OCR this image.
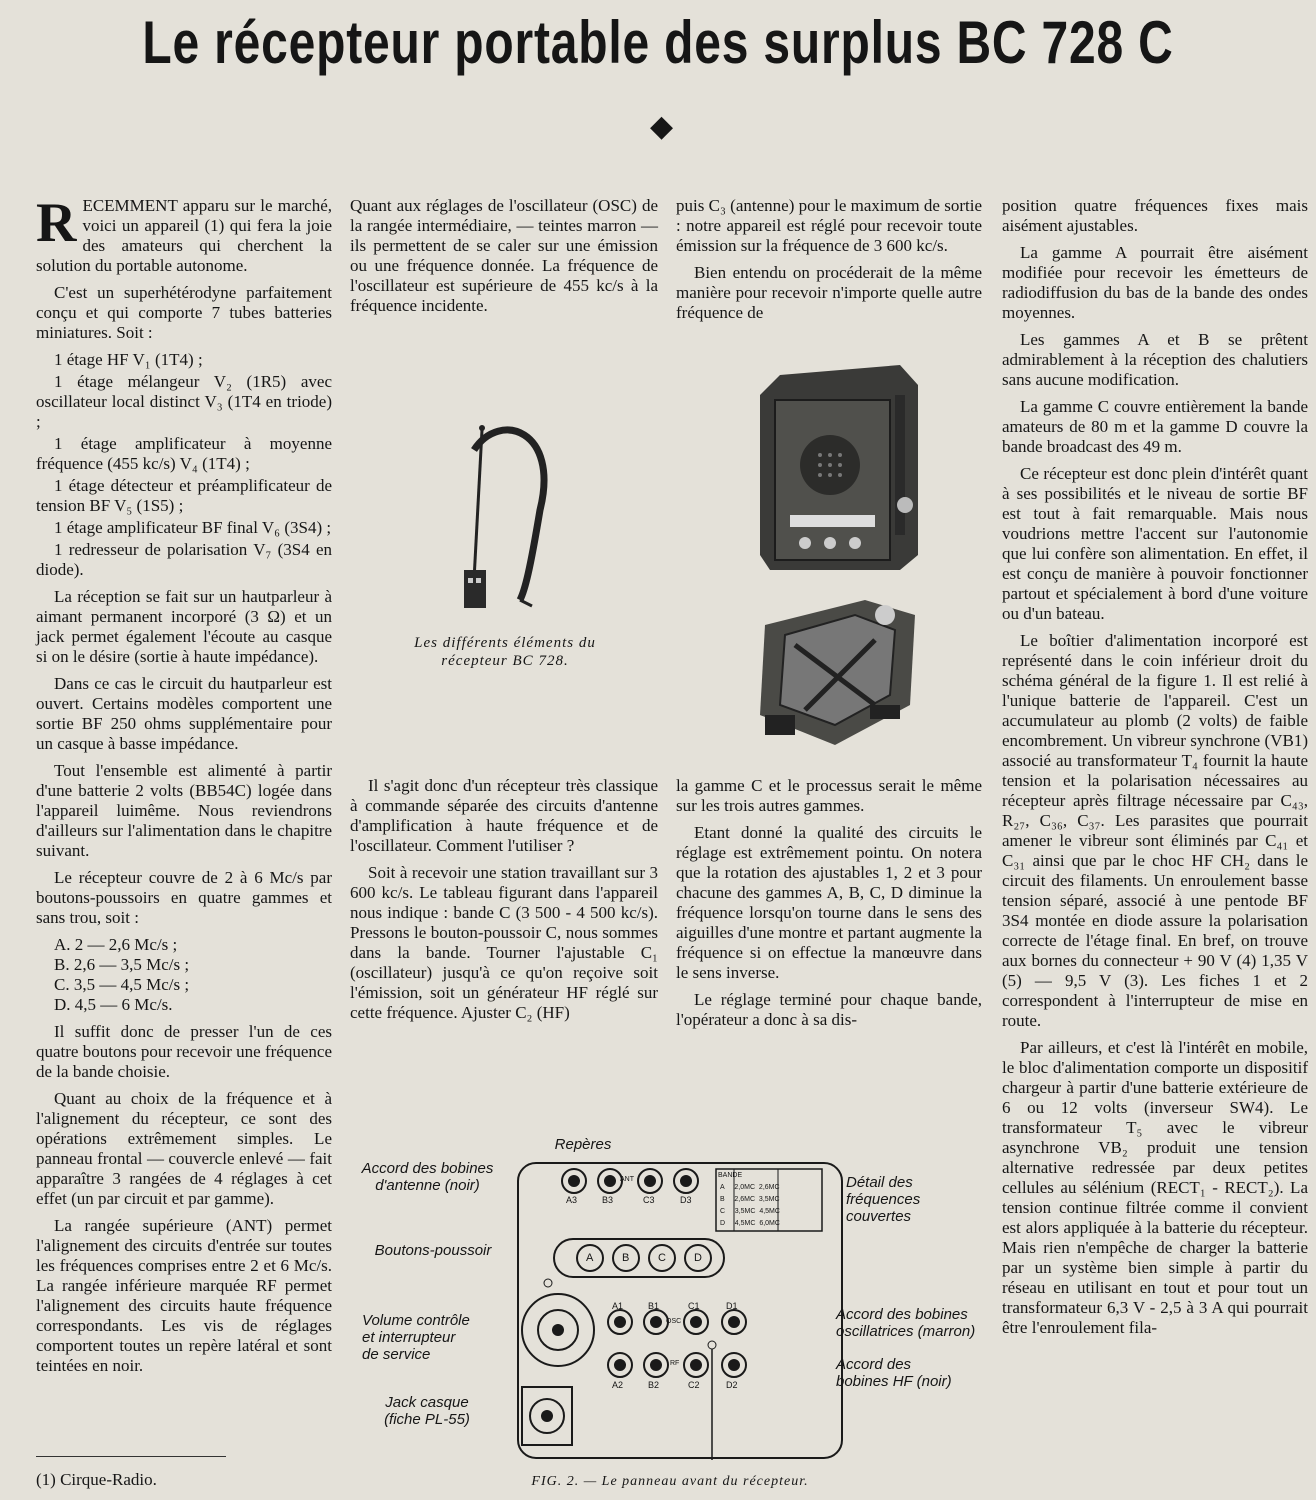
Le récepteur portable des surplus BC 728 C
◆

RECEMMENT apparu sur le marché, voici un appareil (1) qui fera la joie des amateurs qui cherchent la solution du portable autonome.

C'est un superhétérodyne parfaitement conçu et qui comporte 7 tubes batteries miniatures. Soit :

1 étage HF V₁ (1T4) ;

1 étage mélangeur V₂ (1R5) avec oscillateur local distinct V₃ (1T4 en triode) ;

1 étage amplificateur à moyenne fréquence (455 kc/s) V₄ (1T4) ;

1 étage détecteur et préamplificateur de tension BF V₅ (1S5) ;

1 étage amplificateur BF final V₆ (3S4) ;

1 redresseur de polarisation V₇ (3S4 en diode).

La réception se fait sur un hautparleur à aimant permanent incorporé (3 Ω) et un jack permet également l'écoute au casque si on le désire (sortie à haute impédance).

Dans ce cas le circuit du hautparleur est ouvert. Certains modèles comportent une sortie BF 250 ohms supplémentaire pour un casque à basse impédance.

Tout l'ensemble est alimenté à partir d'une batterie 2 volts (BB54C) logée dans l'appareil luimême. Nous reviendrons d'ailleurs sur l'alimentation dans le chapitre suivant.

Le récepteur couvre de 2 à 6 Mc/s par boutons-poussoirs en quatre gammes et sans trou, soit :

A. 2 — 2,6 Mc/s ;

B. 2,6 — 3,5 Mc/s ;

C. 3,5 — 4,5 Mc/s ;

D. 4,5 — 6 Mc/s.

Il suffit donc de presser l'un de ces quatre boutons pour recevoir une fréquence de la bande choisie.

Quant au choix de la fréquence et à l'alignement du récepteur, ce sont des opérations extrêmement simples. Le panneau frontal — couvercle enlevé — fait apparaître 3 rangées de 4 réglages à cet effet (un par circuit et par gamme).

La rangée supérieure (ANT) permet l'alignement des circuits d'entrée sur toutes les fréquences comprises entre 2 et 6 Mc/s. La rangée inférieure marquée RF permet l'alignement des circuits haute fréquence correspondants. Les vis de réglages comportent toutes un repère latéral et sont teintées en noir.

Quant aux réglages de l'oscillateur (OSC) de la rangée intermédiaire, — teintes marron — ils permettent de se caler sur une émission ou une fréquence donnée. La fréquence de l'oscillateur est supérieure de 455 kc/s à la fréquence incidente.

puis C₃ (antenne) pour le maximum de sortie : notre appareil est réglé pour recevoir toute émission sur la fréquence de 3 600 kc/s.

Bien entendu on procéderait de la même manière pour recevoir n'importe quelle autre fréquence de

Les différents éléments du récepteur BC 728.

Il s'agit donc d'un récepteur très classique à commande séparée des circuits d'antenne d'amplification à haute fréquence et de l'oscillateur. Comment l'utiliser ?

Soit à recevoir une station travaillant sur 3 600 kc/s. Le tableau figurant dans l'appareil nous indique : bande C (3 500 - 4 500 kc/s). Pressons le bouton-poussoir C, nous sommes dans la bande. Tourner l'ajustable C₁ (oscillateur) jusqu'à ce qu'on reçoive soit l'émission, soit un générateur HF réglé sur cette fréquence. Ajuster C₂ (HF)

la gamme C et le processus serait le même sur les trois autres gammes.

Etant donné la qualité des circuits le réglage est extrêmement pointu. On notera que la rotation des ajustables 1, 2 et 3 pour chacune des gammes A, B, C, D diminue la fréquence lorsqu'on tourne dans le sens des aiguilles d'une montre et partant augmente la fréquence si on effectue la manœuvre dans le sens inverse.

Le réglage terminé pour chaque bande, l'opérateur a donc à sa dis-

position quatre fréquences fixes mais aisément ajustables.

La gamme A pourrait être aisément modifiée pour recevoir les émetteurs de radiodiffusion du bas de la bande des ondes moyennes.

Les gammes A et B se prêtent admirablement à la réception des chalutiers sans aucune modification.

La gamme C couvre entièrement la bande amateurs de 80 m et la gamme D couvre la bande broadcast des 49 m.

Ce récepteur est donc plein d'intérêt quant à ses possibilités et le niveau de sortie BF est tout à fait remarquable. Mais nous voudrions mettre l'accent sur l'autonomie que lui confère son alimentation. En effet, il est conçu de manière à pouvoir fonctionner partout et spécialement à bord d'une voiture ou d'un bateau.

Le boîtier d'alimentation incorporé est représenté dans le coin inférieur droit du schéma général de la figure 1. Il est relié à l'unique batterie de l'appareil. C'est un accumulateur au plomb (2 volts) de faible encombrement. Un vibreur synchrone (VB1) associé au transformateur T₄ fournit la haute tension et la polarisation nécessaires au récepteur après filtrage nécessaire par C₄₃, R₂₇, C₃₆, C₃₇. Les parasites que pourrait amener le vibreur sont éliminés par C₄₁ et C₃₁ ainsi que par le choc HF CH₂ dans le circuit des filaments. Un enroulement basse tension séparé, associé à une pentode BF 3S4 montée en diode assure la polarisation correcte de l'étage final. En bref, on trouve aux bornes du connecteur + 90 V (4) 1,35 V (5) — 9,5 V (3). Les fiches 1 et 2 correspondent à l'interrupteur de mise en route.

Par ailleurs, et c'est là l'intérêt en mobile, le bloc d'alimentation comporte un dispositif chargeur à partir d'une batterie extérieure de 6 ou 12 volts (inverseur SW4). Le transformateur T₅ avec le vibreur asynchrone VB₂ produit une tension alternative redressée par deux petites cellules au sélénium (RECT₁ - RECT₂). La tension continue filtrée comme il convient est alors appliquée à la batterie du récepteur. Mais rien n'empêche de charger la batterie par un système bien simple à partir du réseau en utilisant en tout et pour tout un transformateur 6,3 V - 2,5 à 3 A qui pourrait être l'enroulement fila-

A3	B3	C3	D3
ANT
BANDE
A 2,0MC 2,6MC
B 2,6MC 3,5MC
C 3,5MC 4,5MC
D 4,5MC 6,0MC
A	B	C	D
A1	B1	C1	D1
OSC
A2	B2	C2	D2
RF
Repères
Accord des bobines d'antenne (noir)
Boutons-poussoir
Volume contrôle et interrupteur de service
Jack casque (fiche PL-55)
Détail des fréquences couvertes
Accord des bobines oscillatrices (marron)
Accord des bobines HF (noir)
FIG. 2. — Le panneau avant du récepteur.
(1) Cirque-Radio.
